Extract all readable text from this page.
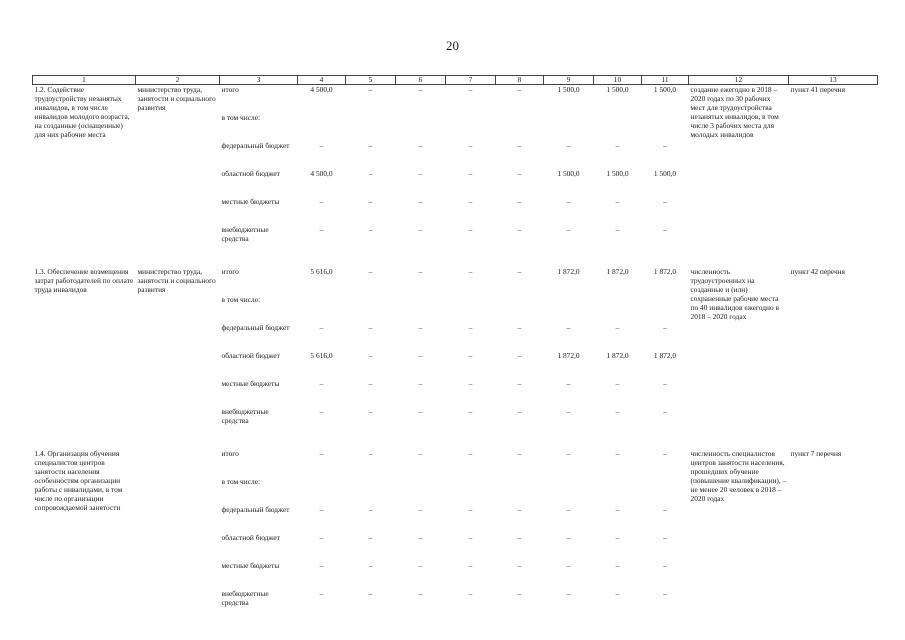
20
1	2	3	4	5	6	7	8	9	10	11	12	13
1.2. Содействие трудоустройству незанятых инвалидов, в том числе инвалидов молодого возраста, на созданные (оснащенные) для них рабочие места	министерство труда, занятости и социального развития	итого	4 500,0	–	–	–	–	1 500,0	1 500,0	1 500,0	создание ежегодно в 2018 – 2020 годах по 30 рабочих мест для трудоустройства незанятых инвалидов, в том числе 3 рабочих места для молодых инвалидов	пункт 41 перечня
		в том числе:										
		федеральный бюджет	–	–	–	–	–	–	–	–		
		областной бюджет	4 500,0	–	–	–	–	1 500,0	1 500,0	1 500,0		
		местные бюджеты	–	–	–	–	–	–	–	–		
		внебюджетные средства	–	–	–	–	–	–	–	–		

1.3. Обеспечение возмещения затрат работодателей по оплате труда инвалидов	министерство труда, занятости и социального развития	итого	5 616,0	–	–	–	–	1 872,0	1 872,0	1 872,0	численность трудоустроенных на созданные и (или) сохраненные рабочие места по 40 инвалидов ежегодно в 2018 – 2020 годах	пункт 42 перечня
		в том числе:										
		федеральный бюджет	–	–	–	–	–	–	–	–		
		областной бюджет	5 616,0	–	–	–	–	1 872,0	1 872,0	1 872,0		
		местные бюджеты	–	–	–	–	–	–	–	–		
		внебюджетные средства	–	–	–	–	–	–	–	–		

1.4. Организация обучения специалистов центров занятости населения особенностям организации работы с инвалидами, в том числе по организации сопровождаемой занятости		итого	–	–	–	–	–	–	–	–	численность специалистов центров занятости населения, прошедших обучение (повышение квалификации), – не менее 20 человек в 2018 – 2020 годах	пункт 7 перечня
		в том числе:										
		федеральный бюджет	–	–	–	–	–	–	–	–		
		областной бюджет	–	–	–	–	–	–	–	–		
		местные бюджеты	–	–	–	–	–	–	–	–		
		внебюджетные средства	–	–	–	–	–	–	–	–		
